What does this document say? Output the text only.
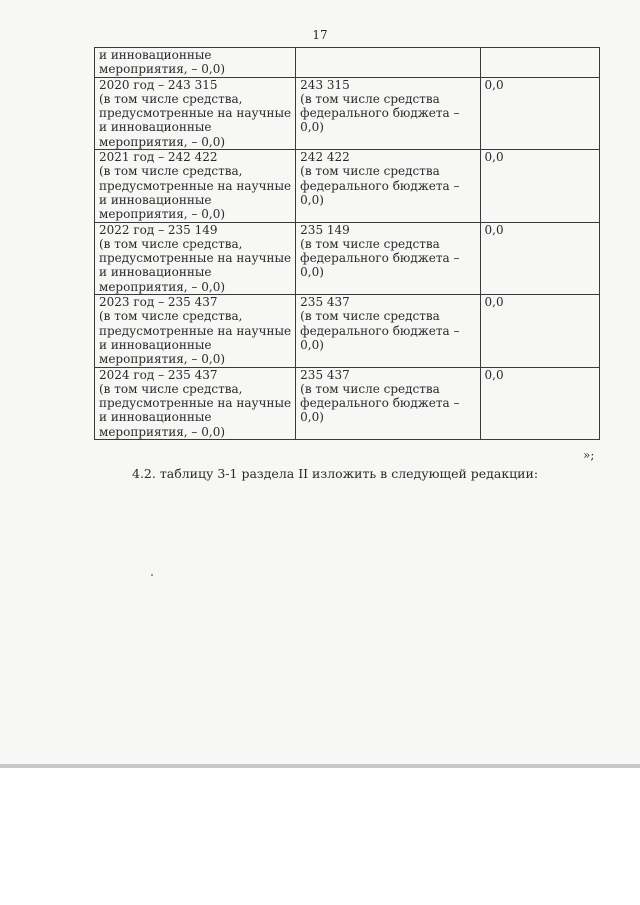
17
и инновационные
мероприятия, – 0,0)		

2020 год – 243 315
(в том числе средства,
предусмотренные на научные
и инновационные
мероприятия, – 0,0)	243 315
(в том числе средства
федерального бюджета –
0,0)	0,0

2021 год – 242 422
(в том числе средства,
предусмотренные на научные
и инновационные
мероприятия, – 0,0)	242 422
(в том числе средства
федерального бюджета –
0,0)	0,0

2022 год – 235 149
(в том числе средства,
предусмотренные на научные
и инновационные
мероприятия, – 0,0)	235 149
(в том числе средства
федерального бюджета –
0,0)	0,0

2023 год – 235 437
(в том числе средства,
предусмотренные на научные
и инновационные
мероприятия, – 0,0)	235 437
(в том числе средства
федерального бюджета –
0,0)	0,0

2024 год – 235 437
(в том числе средства,
предусмотренные на научные
и инновационные
мероприятия, – 0,0)	235 437
(в том числе средства
федерального бюджета –
0,0)	0,0
»;
4.2. таблицу 3-1 раздела II изложить в следующей редакции:
